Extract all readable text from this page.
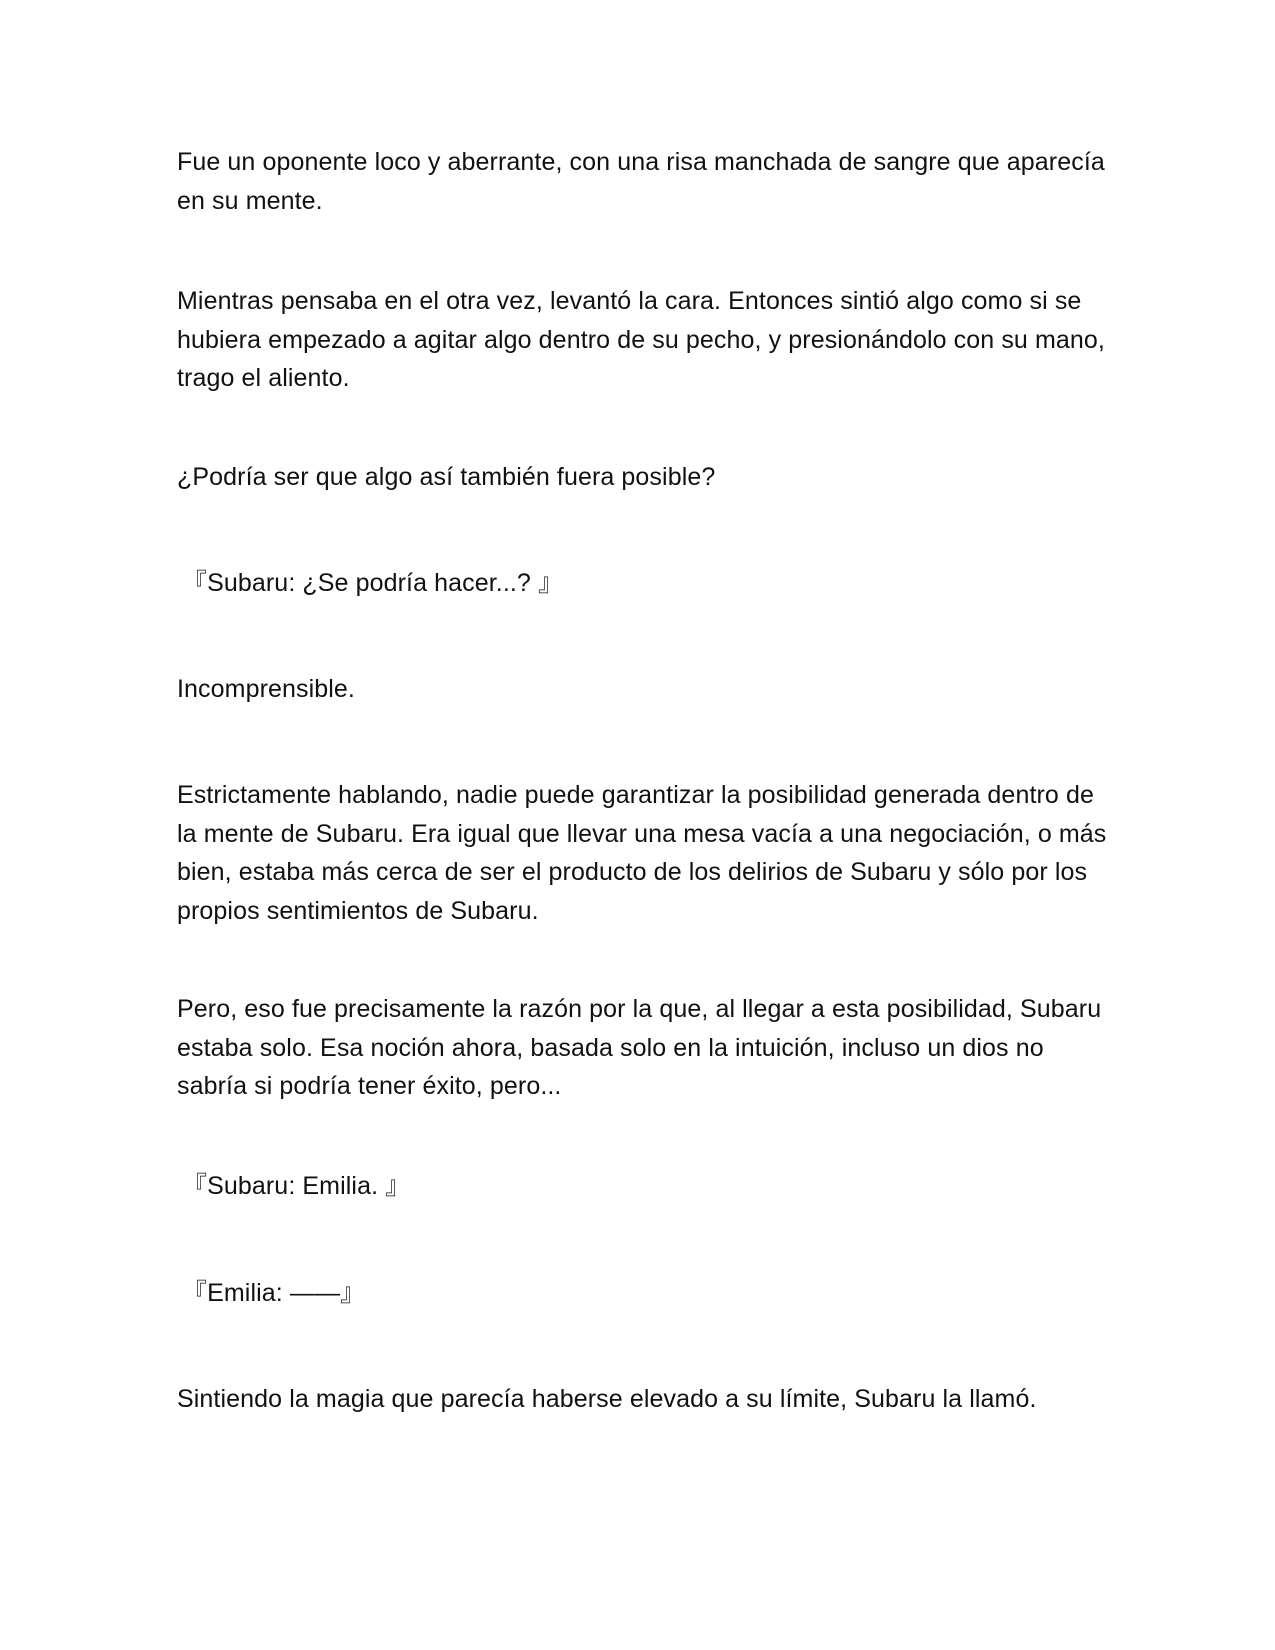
Fue un oponente loco y aberrante, con una risa manchada de sangre que aparecía en su mente.

Mientras pensaba en el otra vez, levantó la cara. Entonces sintió algo como si se hubiera empezado a agitar algo dentro de su pecho, y presionándolo con su mano, trago el aliento.

¿Podría ser que algo así también fuera posible?

『Subaru: ¿Se podría hacer...? 』

Incomprensible.

Estrictamente hablando, nadie puede garantizar la posibilidad generada dentro de la mente de Subaru. Era igual que llevar una mesa vacía a una negociación, o más bien, estaba más cerca de ser el producto de los delirios de Subaru y sólo por los propios sentimientos de Subaru.

Pero, eso fue precisamente la razón por la que, al llegar a esta posibilidad, Subaru estaba solo. Esa noción ahora, basada solo en la intuición, incluso un dios no sabría si podría tener éxito, pero...

『Subaru: Emilia. 』

『Emilia: ——』

Sintiendo la magia que parecía haberse elevado a su límite, Subaru la llamó.
